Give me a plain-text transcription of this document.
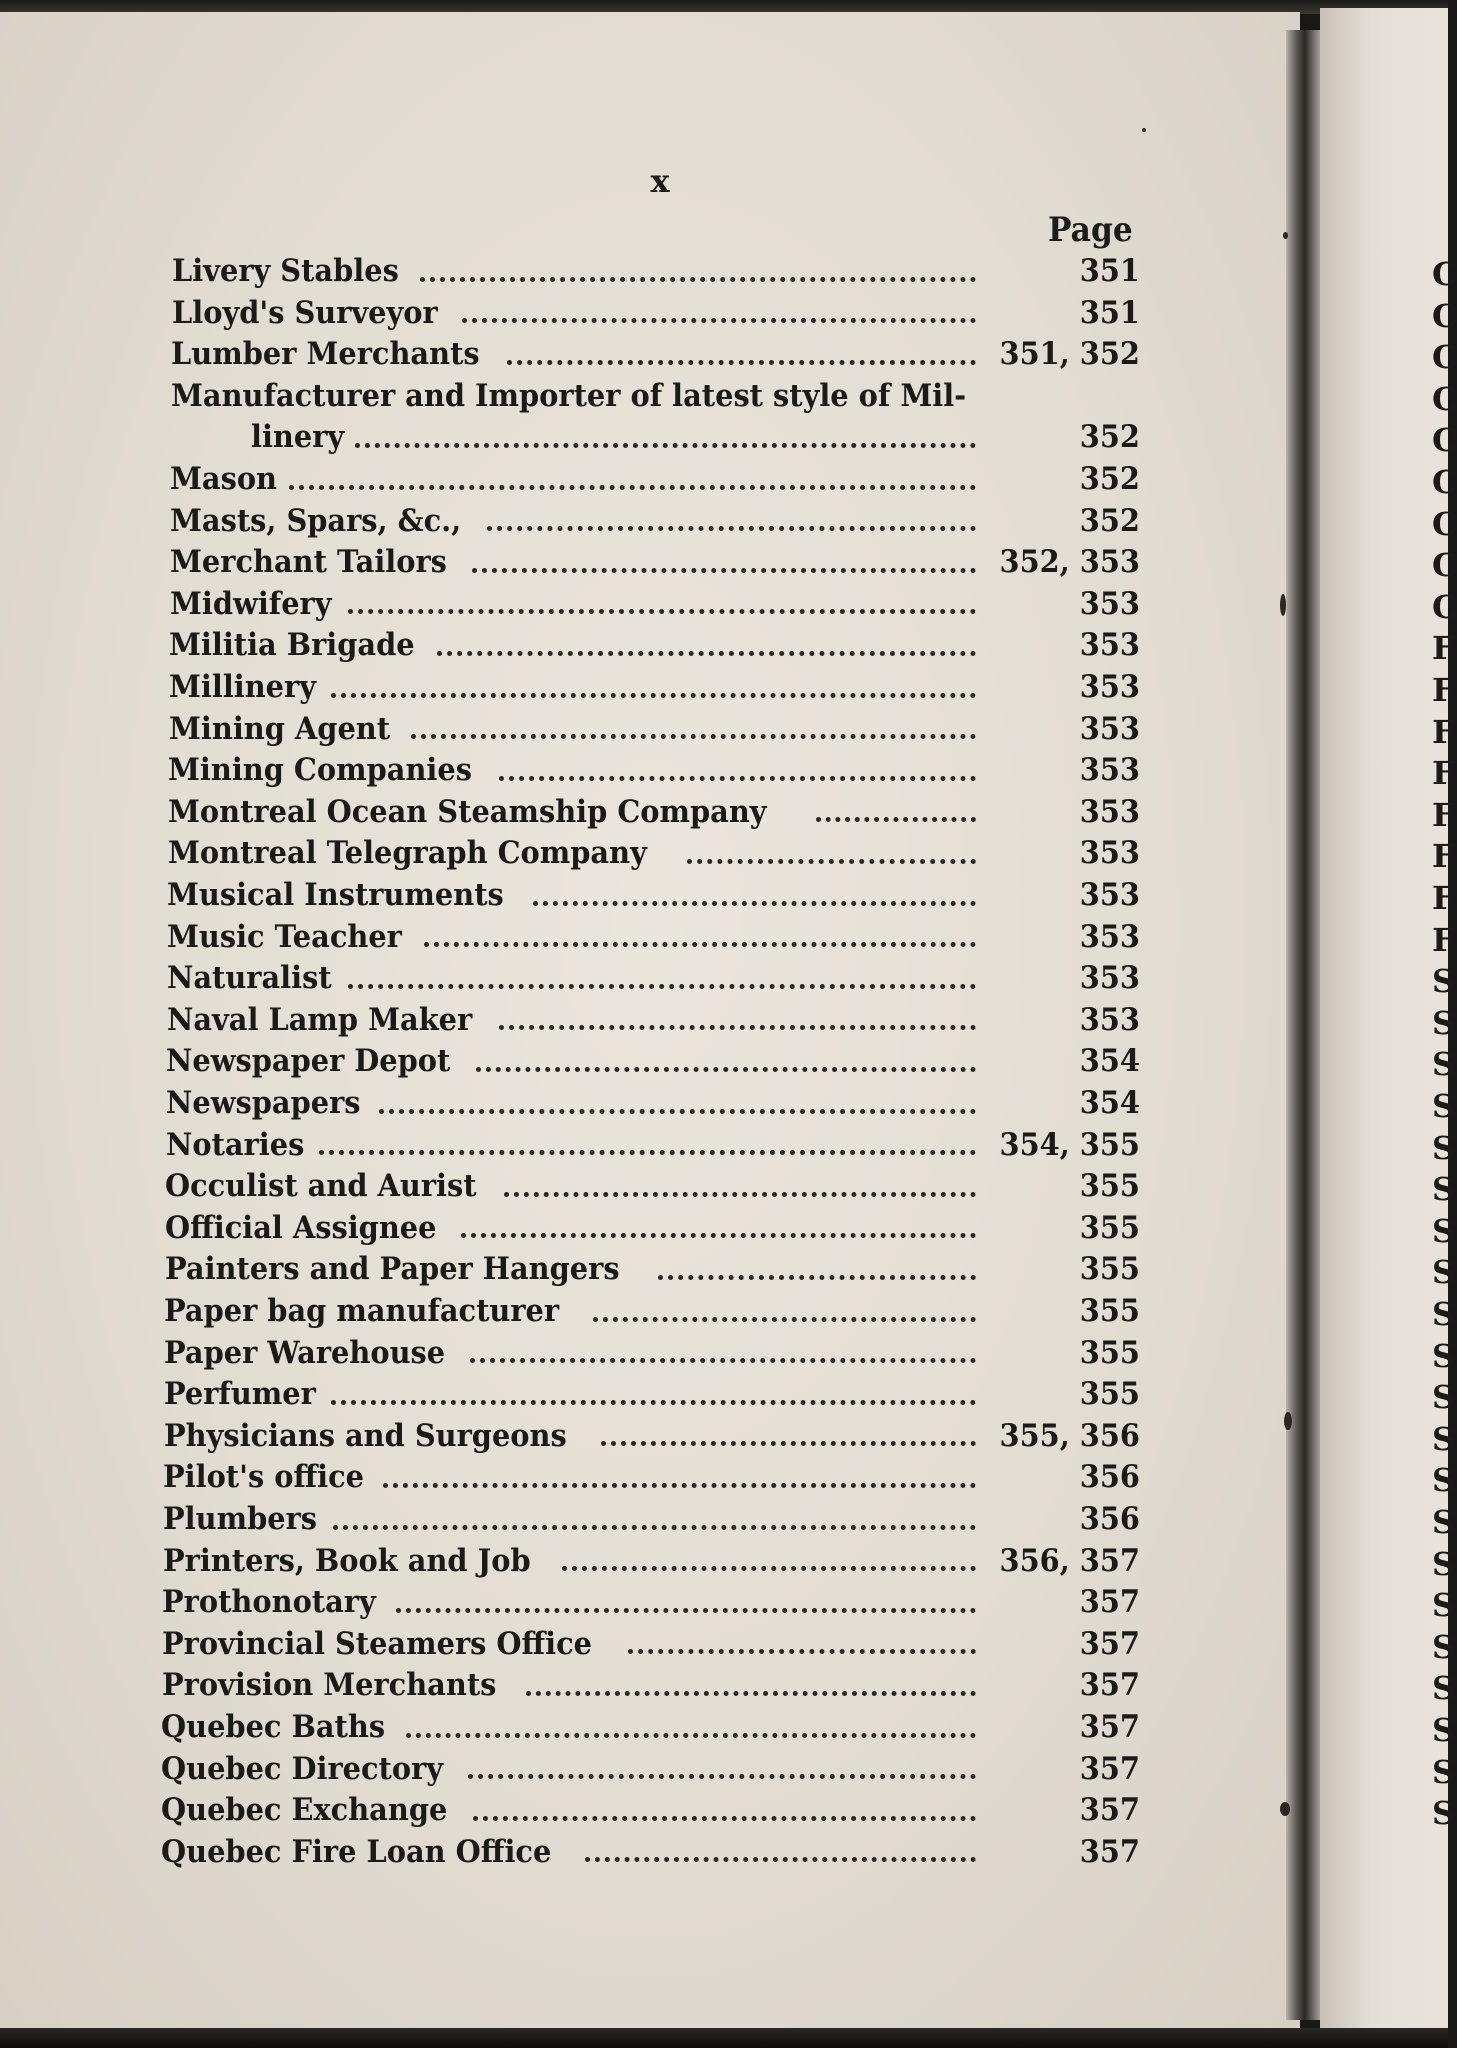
x
Page
Livery Stables	351
Lloyd's Surveyor	351
Lumber Merchants	351, 352
Manufacturer and Importer of latest style of Mil-
linery	352
Mason	352
Masts, Spars, &c.,	352
Merchant Tailors	352, 353
Midwifery	353
Militia Brigade	353
Millinery	353
Mining Agent	353
Mining Companies	353
Montreal Ocean Steamship Company	353
Montreal Telegraph Company	353
Musical Instruments	353
Music Teacher	353
Naturalist	353
Naval Lamp Maker	353
Newspaper Depot	354
Newspapers	354
Notaries	354, 355
Occulist and Aurist	355
Official Assignee	355
Painters and Paper Hangers	355
Paper bag manufacturer	355
Paper Warehouse	355
Perfumer	355
Physicians and Surgeons	355, 356
Pilot's office	356
Plumbers	356
Printers, Book and Job	356, 357
Prothonotary	357
Provincial Steamers Office	357
Provision Merchants	357
Quebec Baths	357
Quebec Directory	357
Quebec Exchange	357
Quebec Fire Loan Office	357
C
C
C
C
C
C
C
C
C
F
F
F
F
F
F
F
F
S
S
S
S
S
S
S
S
S
S
S
S
S
S
S
S
S
S
S
S
S
